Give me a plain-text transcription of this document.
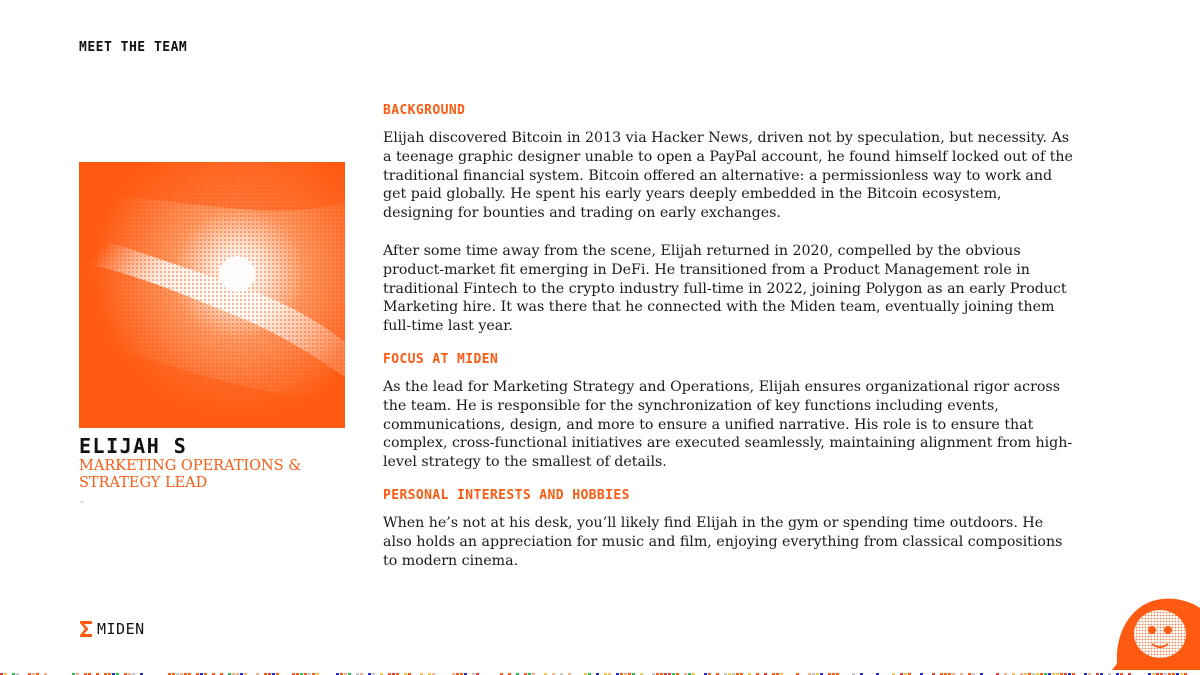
MEET THE TEAM
ELIJAH S

MARKETING OPERATIONS & STRATEGY LEAD

-
BACKGROUND

Elijah discovered Bitcoin in 2013 via Hacker News, driven not by speculation, but necessity. As a teenage graphic designer unable to open a PayPal account, he found himself locked out of the traditional financial system. Bitcoin offered an alternative: a permissionless way to work and get paid globally. He spent his early years deeply embedded in the Bitcoin ecosystem, designing for bounties and trading on early exchanges.

After some time away from the scene, Elijah returned in 2020, compelled by the obvious product-market fit emerging in DeFi. He transitioned from a Product Management role in traditional Fintech to the crypto industry full-time in 2022, joining Polygon as an early Product Marketing hire. It was there that he connected with the Miden team, eventually joining them full-time last year.

FOCUS AT MIDEN

As the lead for Marketing Strategy and Operations, Elijah ensures organizational rigor across the team. He is responsible for the synchronization of key functions including events, communications, design, and more to ensure a unified narrative. His role is to ensure that complex, cross-functional initiatives are executed seamlessly, maintaining alignment from high-level strategy to the smallest of details.

PERSONAL INTERESTS AND HOBBIES

When he’s not at his desk, you’ll likely find Elijah in the gym or spending time outdoors. He also holds an appreciation for music and film, enjoying everything from classical compositions to modern cinema.

MIDEN
